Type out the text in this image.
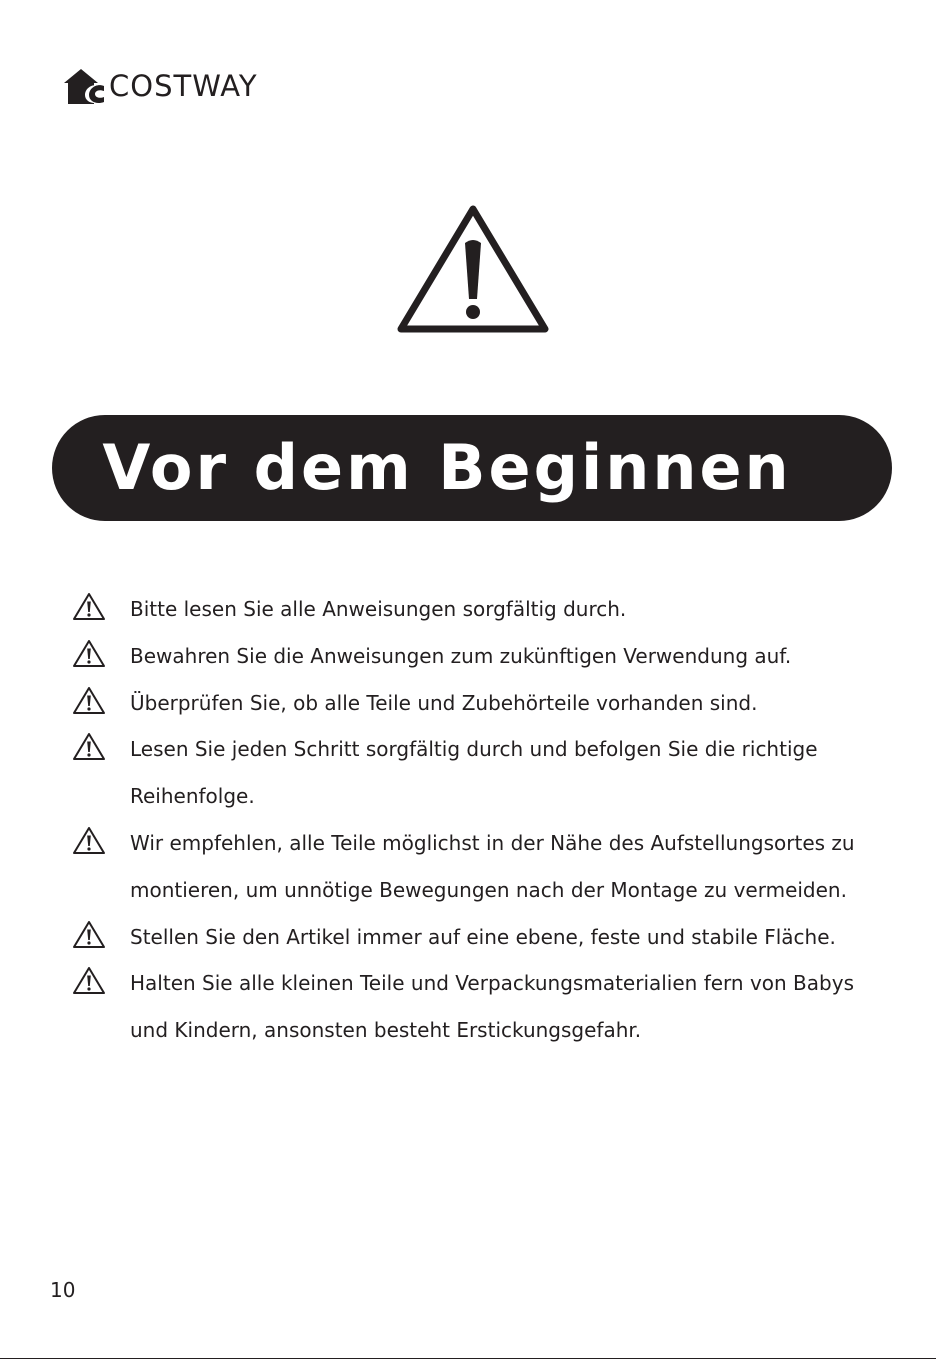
COSTWAY
Vor dem Beginnen
Bitte lesen Sie alle Anweisungen sorgfältig durch.
Bewahren Sie die Anweisungen zum zukünftigen Verwendung auf.
Überprüfen Sie, ob alle Teile und Zubehörteile vorhanden sind.
Lesen Sie jeden Schritt sorgfältig durch und befolgen Sie die richtige Reihenfolge.
Wir empfehlen, alle Teile möglichst in der Nähe des Aufstellungsortes zu montieren, um unnötige Bewegungen nach der Montage zu vermeiden.
Stellen Sie den Artikel immer auf eine ebene, feste und stabile Fläche.
Halten Sie alle kleinen Teile und Verpackungsmaterialien fern von Babys und Kindern, ansonsten besteht Erstickungsgefahr.
10
